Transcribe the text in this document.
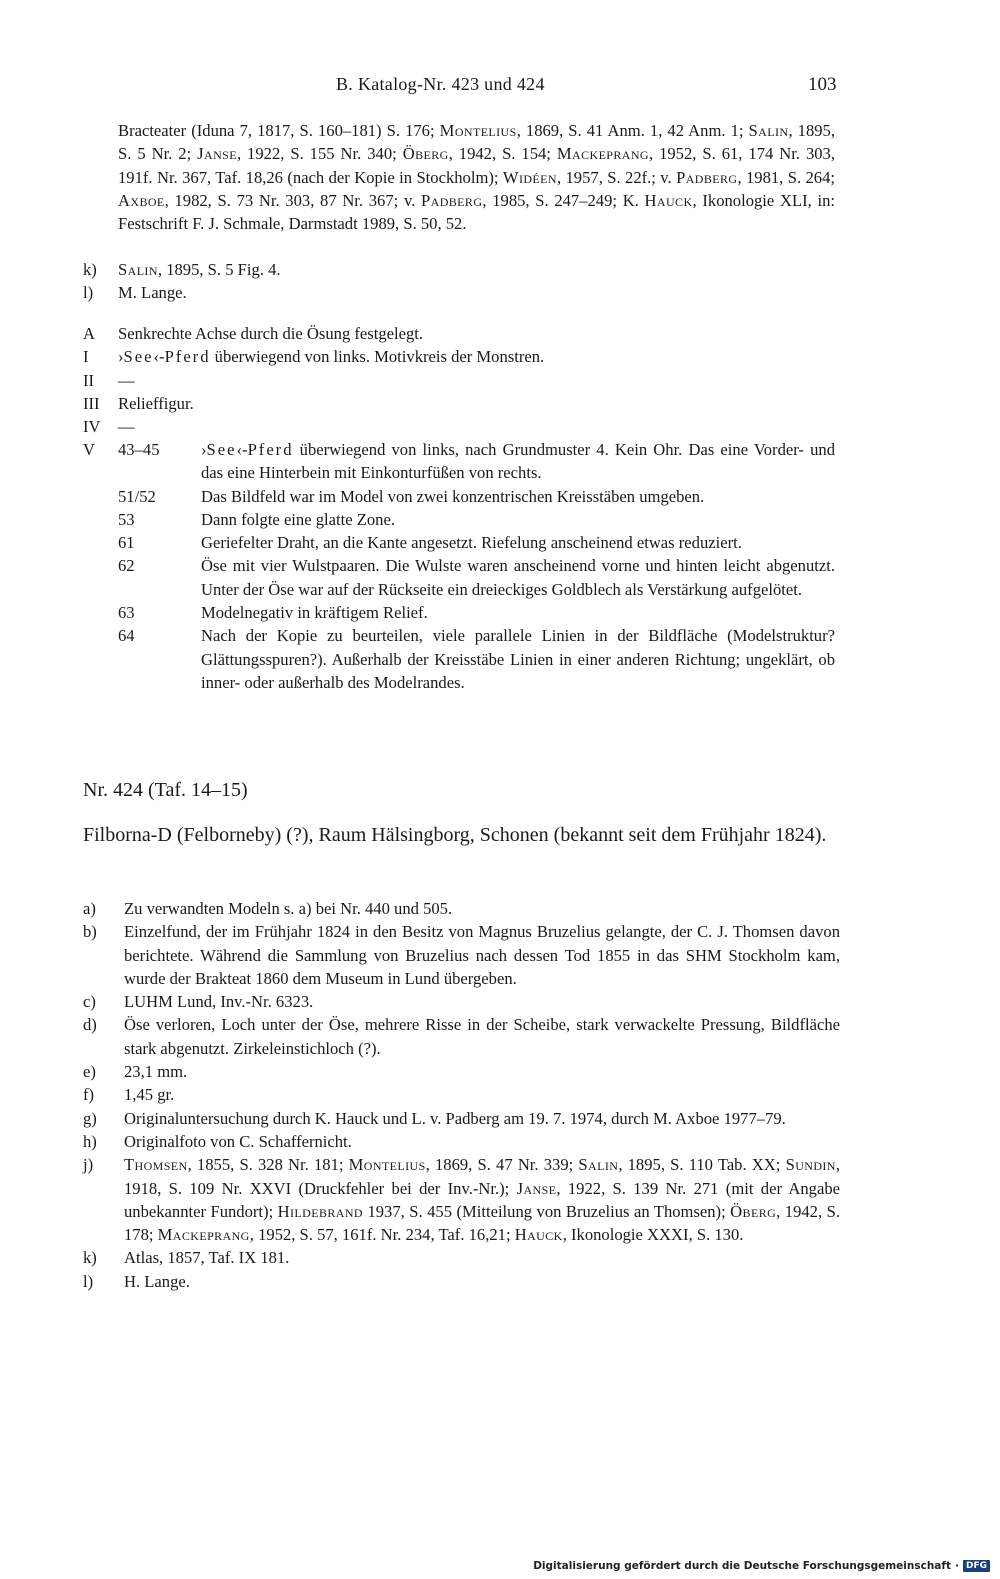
B. Katalog-Nr. 423 und 424	103
Bracteater (Iduna 7, 1817, S. 160–181) S. 176; Montelius, 1869, S. 41 Anm. 1, 42 Anm. 1; Salin, 1895, S. 5 Nr. 2; Janse, 1922, S. 155 Nr. 340; Öberg, 1942, S. 154; Mackeprang, 1952, S. 61, 174 Nr. 303, 191f. Nr. 367, Taf. 18,26 (nach der Kopie in Stockholm); Widéen, 1957, S. 22f.; v. Padberg, 1981, S. 264; Axboe, 1982, S. 73 Nr. 303, 87 Nr. 367; v. Padberg, 1985, S. 247–249; K. Hauck, Ikonologie XLI, in: Festschrift F. J. Schmale, Darmstadt 1989, S. 50, 52.
k)	Salin, 1895, S. 5 Fig. 4.
l)	M. Lange.
A	Senkrechte Achse durch die Ösung festgelegt.
I	›See‹-Pferd überwiegend von links. Motivkreis der Monstren.
II	—
III	Relieffigur.
IV	—
V	43–45	›See‹-Pferd überwiegend von links, nach Grundmuster 4. Kein Ohr. Das eine Vorder- und das eine Hinterbein mit Einkonturfüßen von rechts.
51/52	Das Bildfeld war im Model von zwei konzentrischen Kreisstäben umgeben.
53	Dann folgte eine glatte Zone.
61	Geriefelter Draht, an die Kante angesetzt. Riefelung anscheinend etwas reduziert.
62	Öse mit vier Wulstpaaren. Die Wulste waren anscheinend vorne und hinten leicht abgenutzt. Unter der Öse war auf der Rückseite ein dreieckiges Goldblech als Verstärkung aufgelötet.
63	Modelnegativ in kräftigem Relief.
64	Nach der Kopie zu beurteilen, viele parallele Linien in der Bildfläche (Modelstruktur? Glättungsspuren?). Außerhalb der Kreisstäbe Linien in einer anderen Richtung; ungeklärt, ob inner- oder außerhalb des Modelrandes.
Nr. 424 (Taf. 14–15)
Filborna-D (Felborneby) (?), Raum Hälsingborg, Schonen (bekannt seit dem Frühjahr 1824).
a)	Zu verwandten Modeln s. a) bei Nr. 440 und 505.
b)	Einzelfund, der im Frühjahr 1824 in den Besitz von Magnus Bruzelius gelangte, der C. J. Thomsen davon berichtete. Während die Sammlung von Bruzelius nach dessen Tod 1855 in das SHM Stockholm kam, wurde der Brakteat 1860 dem Museum in Lund übergeben.
c)	LUHM Lund, Inv.-Nr. 6323.
d)	Öse verloren, Loch unter der Öse, mehrere Risse in der Scheibe, stark verwackelte Pressung, Bildfläche stark abgenutzt. Zirkeleinstichloch (?).
e)	23,1 mm.
f)	1,45 gr.
g)	Originaluntersuchung durch K. Hauck und L. v. Padberg am 19. 7. 1974, durch M. Axboe 1977–79.
h)	Originalfoto von C. Schaffernicht.
j)	Thomsen, 1855, S. 328 Nr. 181; Montelius, 1869, S. 47 Nr. 339; Salin, 1895, S. 110 Tab. XX; Sundin, 1918, S. 109 Nr. XXVI (Druckfehler bei der Inv.-Nr.); Janse, 1922, S. 139 Nr. 271 (mit der Angabe unbekannter Fundort); Hildebrand 1937, S. 455 (Mitteilung von Bruzelius an Thomsen); Öberg, 1942, S. 178; Mackeprang, 1952, S. 57, 161f. Nr. 234, Taf. 16,21; Hauck, Ikonologie XXXI, S. 130.
k)	Atlas, 1857, Taf. IX 181.
l)	H. Lange.
Digitalisierung gefördert durch die Deutsche Forschungsgemeinschaft · DFG
